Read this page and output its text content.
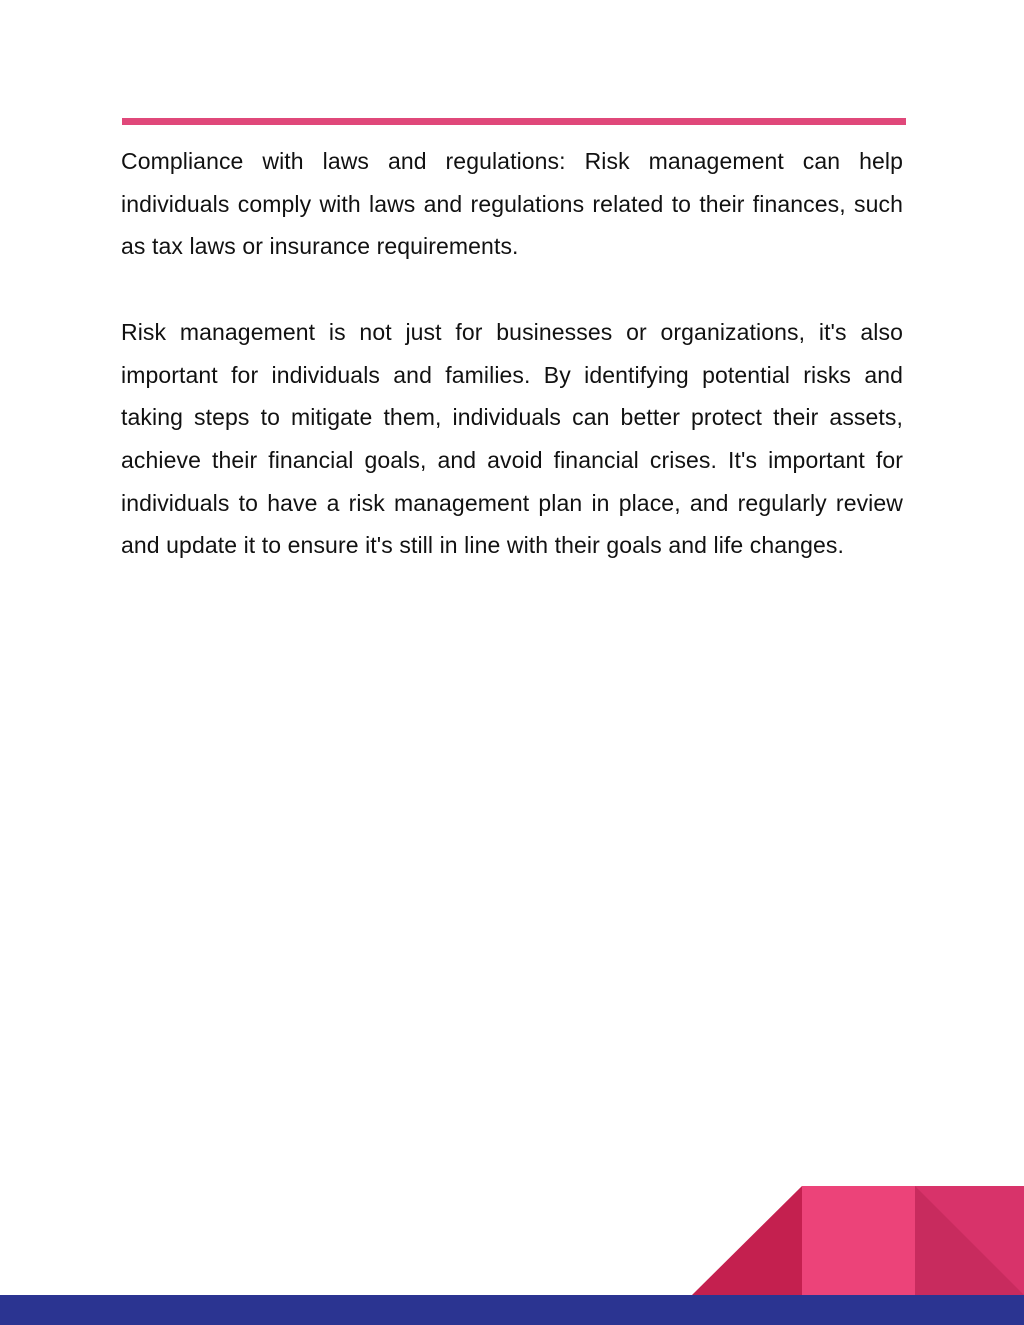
Compliance with laws and regulations: Risk management can help individuals comply with laws and regulations related to their finances, such as tax laws or insurance requirements.

Risk management is not just for businesses or organizations, it's also important for individuals and families. By identifying potential risks and taking steps to mitigate them, individuals can better protect their assets, achieve their financial goals, and avoid financial crises. It's important for individuals to have a risk management plan in place, and regularly review and update it to ensure it's still in line with their goals and life changes.
